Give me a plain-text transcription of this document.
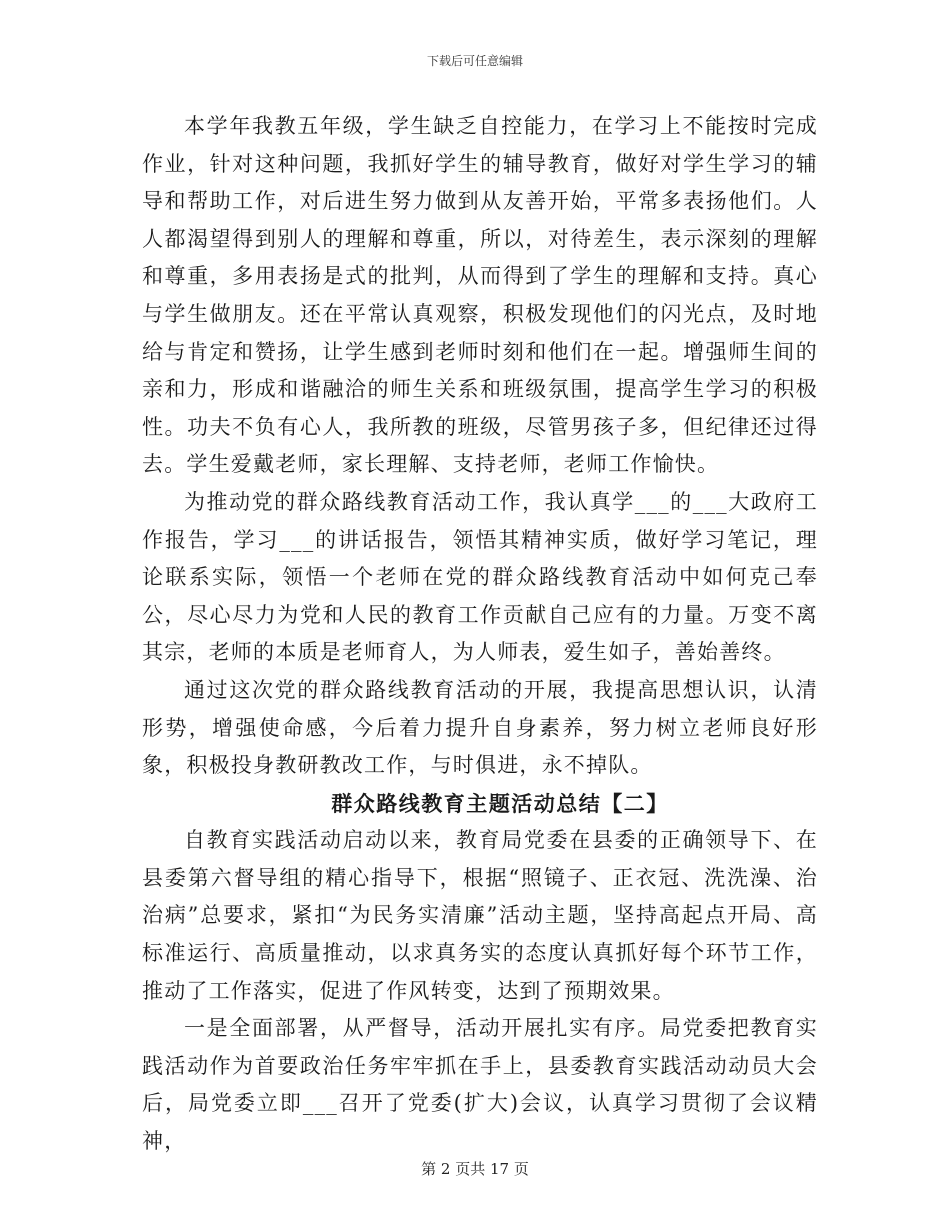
下载后可任意编辑

本学年我教五年级，学生缺乏自控能力，在学习上不能按时完成作业，针对这种问题，我抓好学生的辅导教育，做好对学生学习的辅导和帮助工作，对后进生努力做到从友善开始，平常多表扬他们。人人都渴望得到别人的理解和尊重，所以，对待差生，表示深刻的理解和尊重，多用表扬是式的批判，从而得到了学生的理解和支持。真心与学生做朋友。还在平常认真观察，积极发现他们的闪光点，及时地给与肯定和赞扬，让学生感到老师时刻和他们在一起。增强师生间的亲和力，形成和谐融洽的师生关系和班级氛围，提高学生学习的积极性。功夫不负有心人，我所教的班级，尽管男孩子多，但纪律还过得去。学生爱戴老师，家长理解、支持老师，老师工作愉快。

为推动党的群众路线教育活动工作，我认真学___的___大政府工作报告，学习___的讲话报告，领悟其精神实质，做好学习笔记，理论联系实际，领悟一个老师在党的群众路线教育活动中如何克己奉公，尽心尽力为党和人民的教育工作贡献自己应有的力量。万变不离其宗，老师的本质是老师育人，为人师表，爱生如子，善始善终。

通过这次党的群众路线教育活动的开展，我提高思想认识，认清形势，增强使命感，今后着力提升自身素养，努力树立老师良好形象，积极投身教研教改工作，与时俱进，永不掉队。

群众路线教育主题活动总结【二】

自教育实践活动启动以来，教育局党委在县委的正确领导下、在县委第六督导组的精心指导下，根据“照镜子、正衣冠、洗洗澡、治治病”总要求，紧扣“为民务实清廉”活动主题，坚持高起点开局、高标准运行、高质量推动，以求真务实的态度认真抓好每个环节工作，推动了工作落实，促进了作风转变，达到了预期效果。

一是全面部署，从严督导，活动开展扎实有序。局党委把教育实践活动作为首要政治任务牢牢抓在手上，县委教育实践活动动员大会后，局党委立即___召开了党委(扩大)会议，认真学习贯彻了会议精神，

第 2 页共 17 页
